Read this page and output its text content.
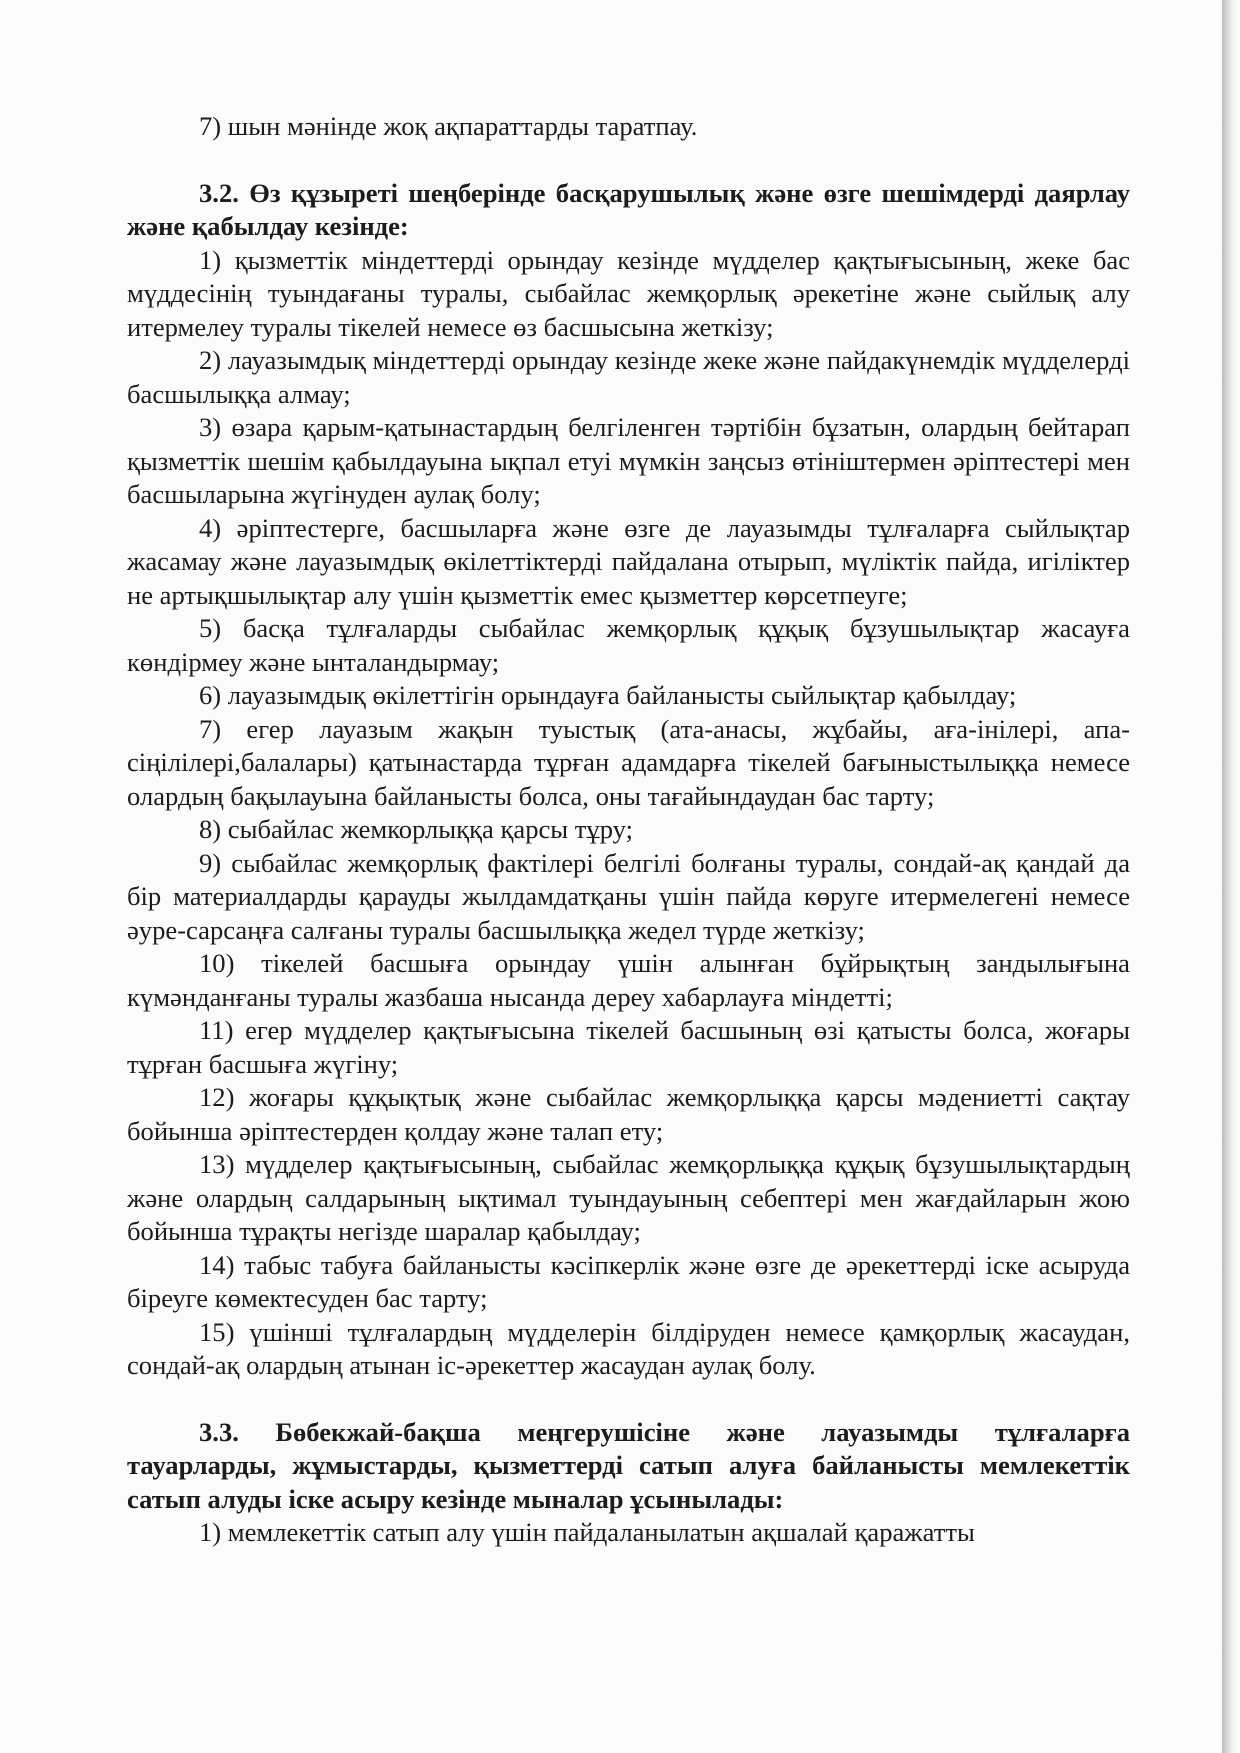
7) шын мәнінде жоқ ақпараттарды таратпау.

3.2. Өз құзыреті шеңберінде басқарушылық және өзге шешімдерді даярлау және қабылдау кезінде:

1) қызметтік міндеттерді орындау кезінде мүдделер қақтығысының, жеке бас мүддесінің туындағаны туралы, сыбайлас жемқорлық әрекетіне және сыйлық алу итермелеу туралы тікелей немесе өз басшысына жеткізу;

2) лауазымдық міндеттерді орындау кезінде жеке және пайдакүнемдік мүдделерді басшылыққа алмау;

3) өзара қарым-қатынастардың белгіленген тәртібін бұзатын, олардың бейтарап қызметтік шешім қабылдауына ықпал етуі мүмкін заңсыз өтініштермен әріптестері мен басшыларына жүгінуден аулақ болу;

4) әріптестерге, басшыларға және өзге де лауазымды тұлғаларға сыйлықтар жасамау және лауазымдық өкілеттіктерді пайдалана отырып, мүліктік пайда, игіліктер не артықшылықтар алу үшін қызметтік емес қызметтер көрсетпеуге;

5) басқа тұлғаларды сыбайлас жемқорлық құқық бұзушылықтар жасауға көндірмеу және ынталандырмау;

6) лауазымдық өкілеттігін орындауға байланысты сыйлықтар қабылдау;

7) егер лауазым жақын туыстық (ата-анасы, жұбайы, аға-інілері, апа-сіңілілері,балалары) қатынастарда тұрған адамдарға тікелей бағыныстылыққа немесе олардың бақылауына байланысты болса, оны тағайындаудан бас тарту;

8) сыбайлас жемкорлыққа қарсы тұру;

9) сыбайлас жемқорлық фактілері белгілі болғаны туралы, сондай-ақ қандай да бір материалдарды қарауды жылдамдатқаны үшін пайда көруге итермелегені немесе әуре-сарсаңға салғаны туралы басшылыққа жедел түрде жеткізу;

10) тікелей басшыға орындау үшін алынған бұйрықтың зандылығына күмәнданғаны туралы жазбаша нысанда дереу хабарлауға міндетті;

11) егер мүдделер қақтығысына тікелей басшының өзі қатысты болса, жоғары тұрған басшыға жүгіну;

12) жоғары құқықтық және сыбайлас жемқорлыққа қарсы мәдениетті сақтау бойынша әріптестерден қолдау және талап ету;

13) мүдделер қақтығысының, сыбайлас жемқорлыққа құқық бұзушылықтардың және олардың салдарының ықтимал туындауының себептері мен жағдайларын жою бойынша тұрақты негізде шаралар қабылдау;

14) табыс табуға байланысты кәсіпкерлік және өзге де әрекеттерді іске асыруда біреуге көмектесуден бас тарту;

15) үшінші тұлғалардың мүдделерін білдіруден немесе қамқорлық жасаудан, сондай-ақ олардың атынан іс-әрекеттер жасаудан аулақ болу.

3.3. Бөбекжай-бақша меңгерушісіне және лауазымды тұлғаларға тауарларды, жұмыстарды, қызметтерді сатып алуға байланысты мемлекеттік сатып алуды іске асыру кезінде мыналар ұсынылады:

1) мемлекеттік сатып алу үшін пайдаланылатын ақшалай қаражатты
